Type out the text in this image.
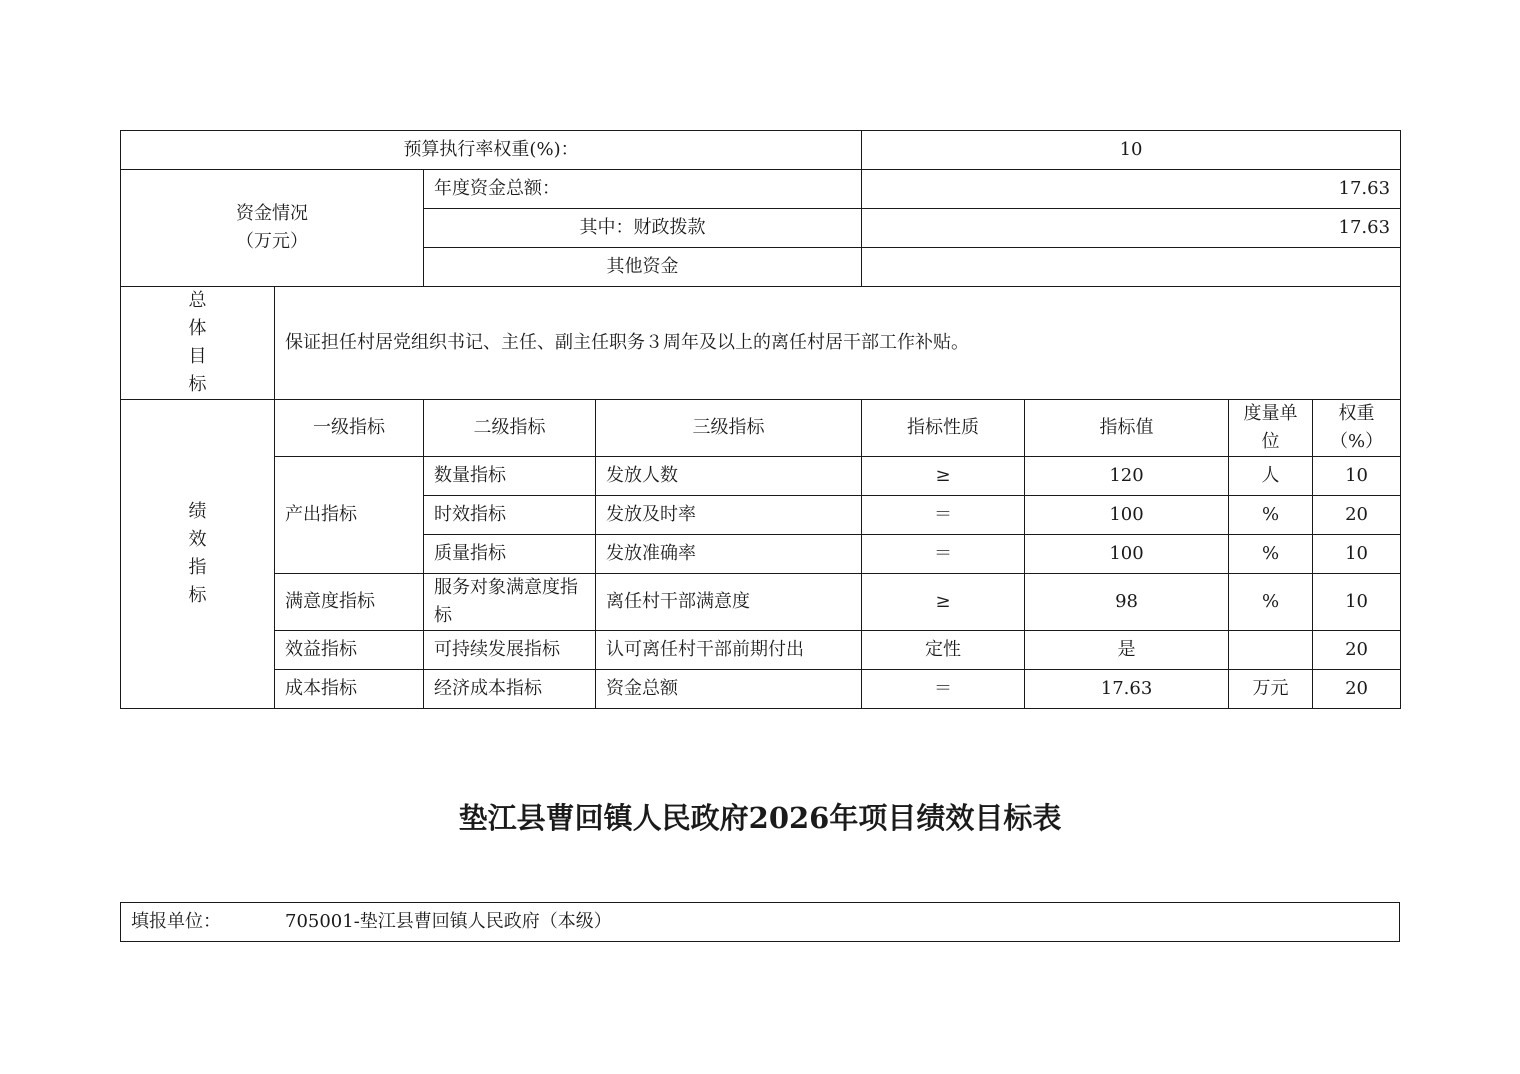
预算执行率权重(%)：				10			

资金情况
（万元）		年度资金总额：		17.63			
		其中：财政拨款		17.63			
		其他资金					
总体目标	保证担任村居党组织书记、主任、副主任职务３周年及以上的离任村居干部工作补贴。						
绩效指标	一级指标	二级指标	三级指标	指标性质	指标值	度量单位	权重（%）
	产出指标	数量指标	发放人数	≥	120	人	10
		时效指标	发放及时率	＝	100	%	20
		质量指标	发放准确率	＝	100	%	10
	满意度指标	服务对象满意度指标	离任村干部满意度	≥	98	%	10
	效益指标	可持续发展指标	认可离任村干部前期付出	定性	是		20
	成本指标	经济成本指标	资金总额	＝	17.63	万元	20
垫江县曹回镇人民政府2026年项目绩效目标表
填报单位：	705001-垫江县曹回镇人民政府（本级）
